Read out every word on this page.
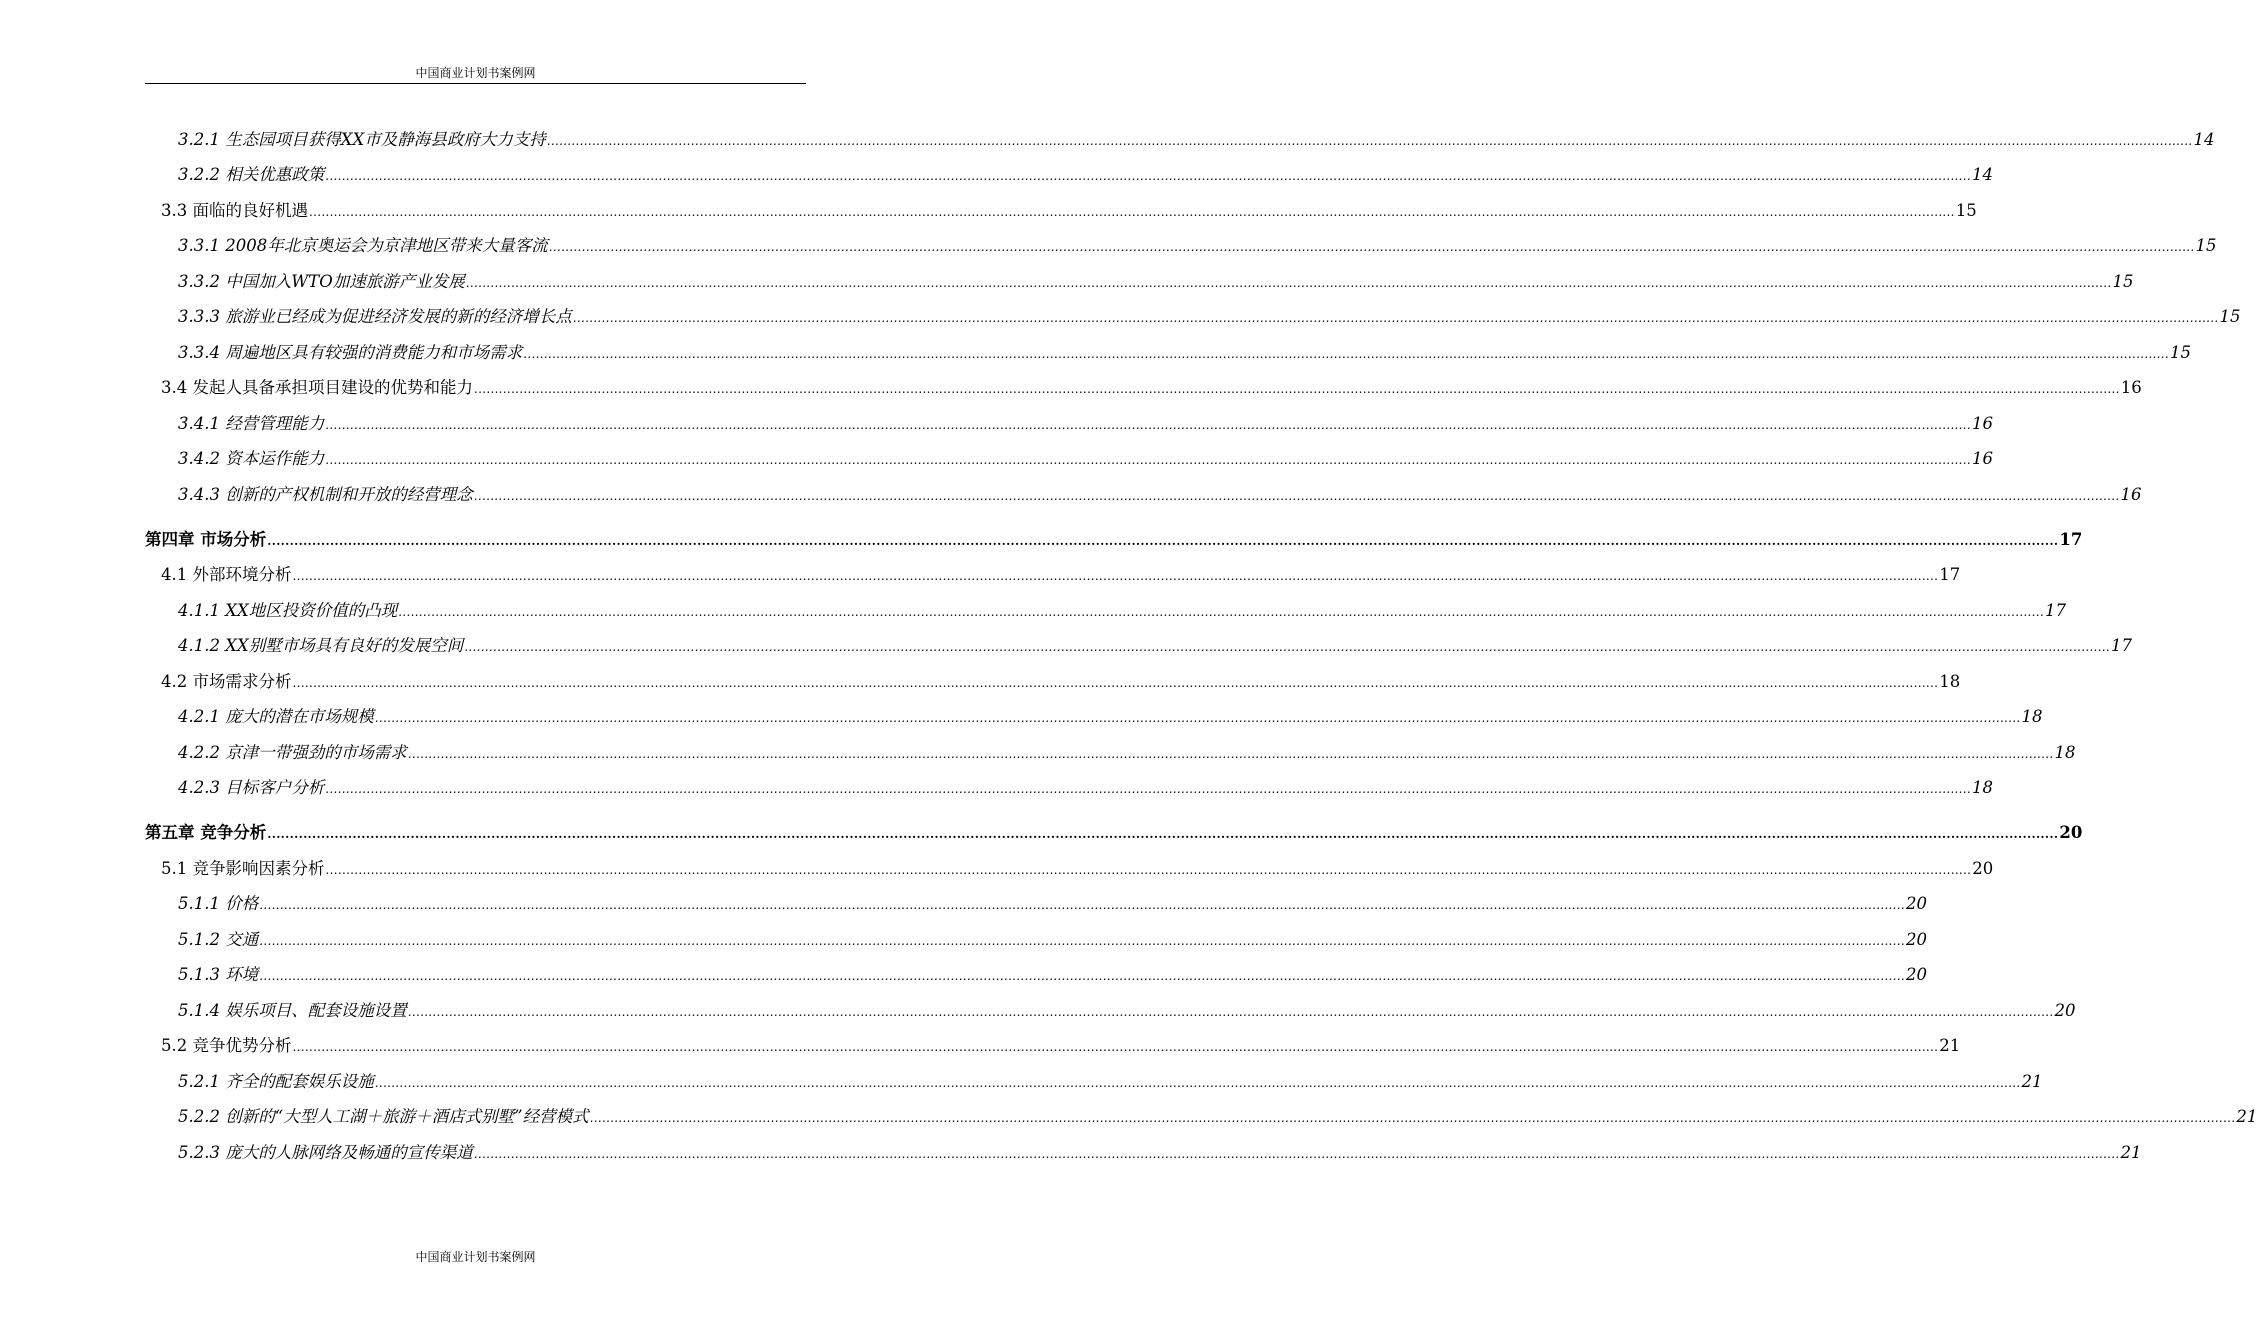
中国商业计划书案例网
3.2.1 生态园项目获得XX市及静海县政府大力支持 ................................................................................................................................................................................................................................................................................................................................................................................................................ 14
3.2.2 相关优惠政策 ................................................................................................................................................................................................................................................................................................................................................................................................................ 14
3.3 面临的良好机遇 ................................................................................................................................................................................................................................................................................................................................................................................................................ 15
3.3.1 2008年北京奥运会为京津地区带来大量客流 ................................................................................................................................................................................................................................................................................................................................................................................................................ 15
3.3.2 中国加入WTO加速旅游产业发展 ................................................................................................................................................................................................................................................................................................................................................................................................................ 15
3.3.3 旅游业已经成为促进经济发展的新的经济增长点 ................................................................................................................................................................................................................................................................................................................................................................................................................ 15
3.3.4 周遍地区具有较强的消费能力和市场需求 ................................................................................................................................................................................................................................................................................................................................................................................................................ 15
3.4 发起人具备承担项目建设的优势和能力 ................................................................................................................................................................................................................................................................................................................................................................................................................ 16
3.4.1 经营管理能力 ................................................................................................................................................................................................................................................................................................................................................................................................................ 16
3.4.2 资本运作能力 ................................................................................................................................................................................................................................................................................................................................................................................................................ 16
3.4.3 创新的产权机制和开放的经营理念 ................................................................................................................................................................................................................................................................................................................................................................................................................ 16
第四章 市场分析 ................................................................................................................................................................................................................................................................................................................................................................................................................ 17
4.1 外部环境分析 ................................................................................................................................................................................................................................................................................................................................................................................................................ 17
4.1.1 XX地区投资价值的凸现 ................................................................................................................................................................................................................................................................................................................................................................................................................ 17
4.1.2 XX别墅市场具有良好的发展空间 ................................................................................................................................................................................................................................................................................................................................................................................................................ 17
4.2 市场需求分析 ................................................................................................................................................................................................................................................................................................................................................................................................................ 18
4.2.1 庞大的潜在市场规模 ................................................................................................................................................................................................................................................................................................................................................................................................................ 18
4.2.2 京津一带强劲的市场需求 ................................................................................................................................................................................................................................................................................................................................................................................................................ 18
4.2.3 目标客户分析 ................................................................................................................................................................................................................................................................................................................................................................................................................ 18
第五章 竞争分析 ................................................................................................................................................................................................................................................................................................................................................................................................................ 20
5.1 竞争影响因素分析 ................................................................................................................................................................................................................................................................................................................................................................................................................ 20
5.1.1 价格 ................................................................................................................................................................................................................................................................................................................................................................................................................ 20
5.1.2 交通 ................................................................................................................................................................................................................................................................................................................................................................................................................ 20
5.1.3 环境 ................................................................................................................................................................................................................................................................................................................................................................................................................ 20
5.1.4 娱乐项目、配套设施设置 ................................................................................................................................................................................................................................................................................................................................................................................................................ 20
5.2 竞争优势分析 ................................................................................................................................................................................................................................................................................................................................................................................................................ 21
5.2.1 齐全的配套娱乐设施 ................................................................................................................................................................................................................................................................................................................................................................................................................ 21
5.2.2 创新的“大型人工湖＋旅游＋酒店式别墅”经营模式 ................................................................................................................................................................................................................................................................................................................................................................................................................ 21
5.2.3 庞大的人脉网络及畅通的宣传渠道 ................................................................................................................................................................................................................................................................................................................................................................................................................ 21
中国商业计划书案例网
